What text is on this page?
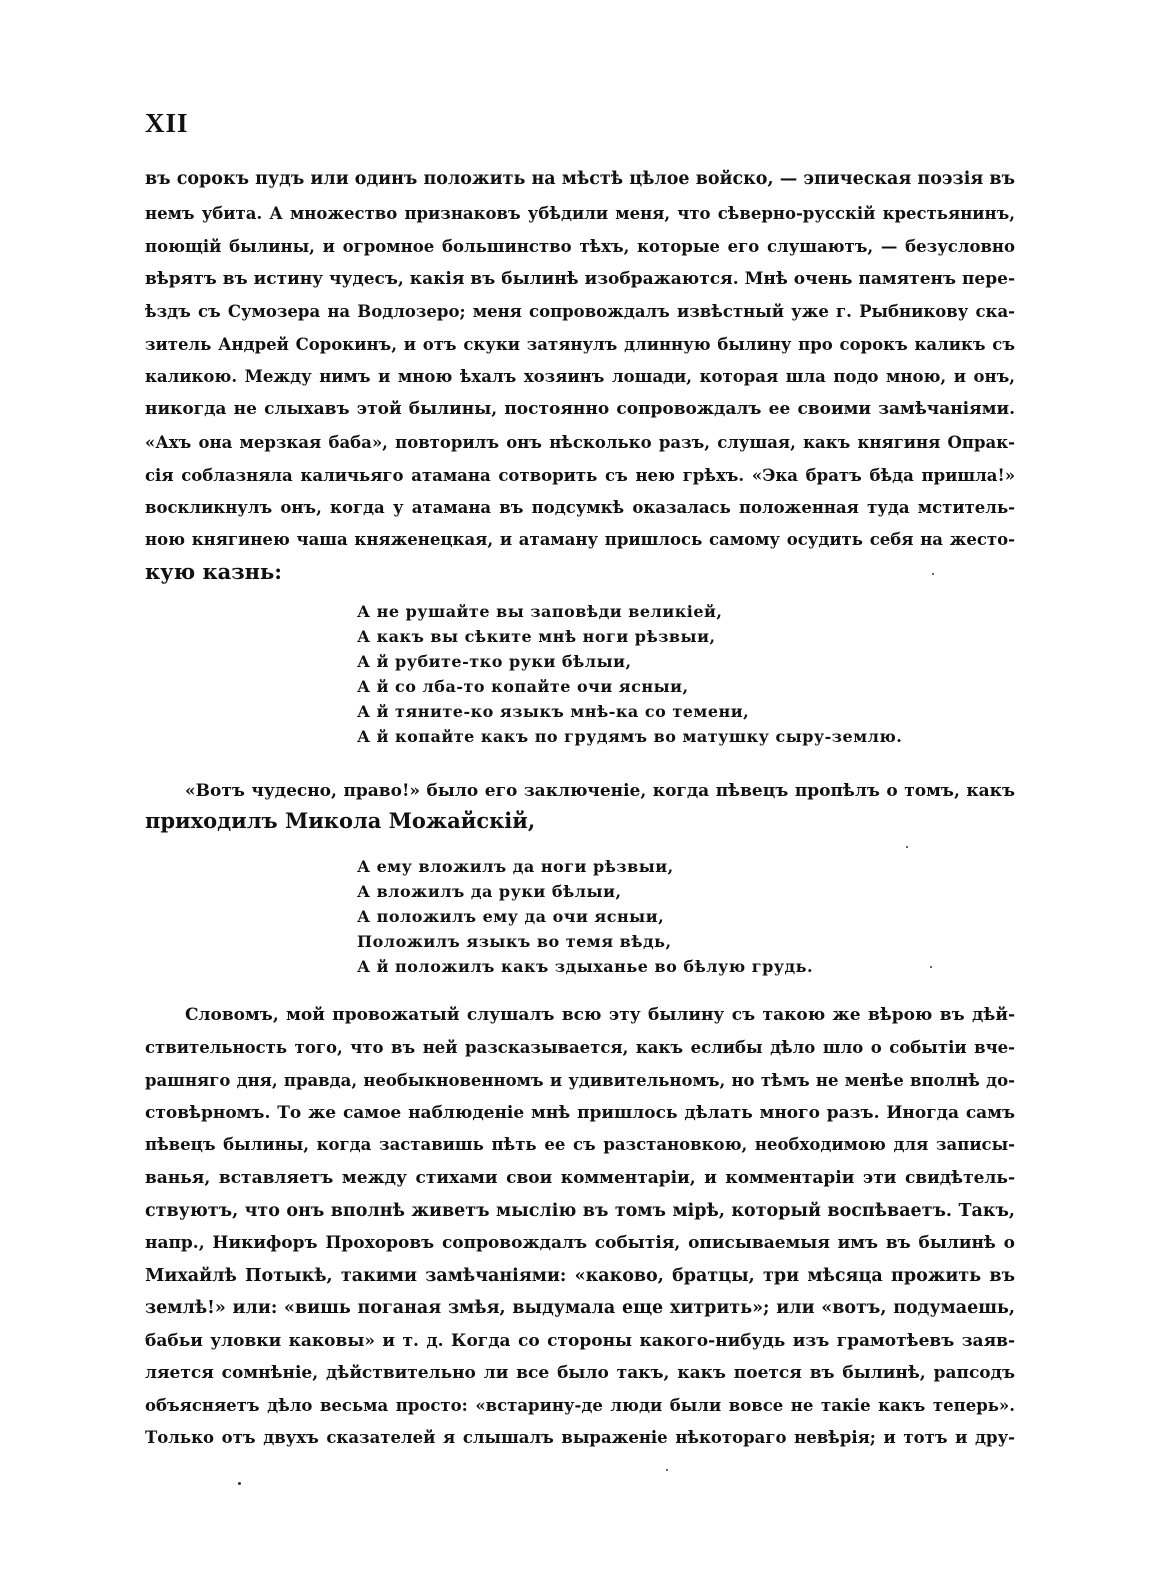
XII
въ сорокъ пудъ или одинъ положить на мѣстѣ цѣлое войско, — эпическая поэзія въ
немъ убита. А множество признаковъ убѣдили меня, что сѣверно-русскій крестьянинъ,
поющій былины, и огромное большинство тѣхъ, которые его слушаютъ, — безусловно
вѣрятъ въ истину чудесъ, какія въ былинѣ изображаются. Мнѣ очень памятенъ пере-
ѣздъ съ Сумозера на Водлозеро; меня сопровождалъ извѣстный уже г. Рыбникову ска-
зитель Андрей Сорокинъ, и отъ скуки затянулъ длинную былину про сорокъ каликъ съ
каликою. Между нимъ и мною ѣхалъ хозяинъ лошади, которая шла подо мною, и онъ,
никогда не слыхавъ этой былины, постоянно сопровождалъ ее своими замѣчаніями.
«Ахъ она мерзкая баба», повторилъ онъ нѣсколько разъ, слушая, какъ княгиня Опрак-
сія соблазняла каличьяго атамана сотворить съ нею грѣхъ. «Эка братъ бѣда пришла!»
воскликнулъ онъ, когда у атамана въ подсумкѣ оказалась положенная туда мститель-
ною княгинею чаша княженецкая, и атаману пришлось самому осудить себя на жесто-
кую казнь:
А не рушайте вы заповѣди великіей,
А какъ вы сѣките мнѣ ноги рѣзвыи,
А й рубите-тко руки бѣлыи,
А й со лба-то копайте очи ясныи,
А й тяните-ко языкъ мнѣ-ка со темени,
А й копайте какъ по грудямъ во матушку сыру-землю.
«Вотъ чудесно, право!» было его заключеніе, когда пѣвецъ пропѣлъ о томъ, какъ
приходилъ Микола Можайскій,
А ему вложилъ да ноги рѣзвыи,
А вложилъ да руки бѣлыи,
А положилъ ему да очи ясныи,
Положилъ языкъ во темя вѣдь,
А й положилъ какъ здыханье во бѣлую грудь.
Словомъ, мой провожатый слушалъ всю эту былину съ такою же вѣрою въ дѣй-
ствительность того, что въ ней разсказывается, какъ еслибы дѣло шло о событіи вче-
рашняго дня, правда, необыкновенномъ и удивительномъ, но тѣмъ не менѣе вполнѣ до-
стовѣрномъ. То же самое наблюденіе мнѣ пришлось дѣлать много разъ. Иногда самъ
пѣвецъ былины, когда заставишь пѣть ее съ разстановкою, необходимою для записы-
ванья, вставляетъ между стихами свои комментаріи, и комментаріи эти свидѣтель-
ствуютъ, что онъ вполнѣ живетъ мыслію въ томъ мірѣ, который воспѣваетъ. Такъ,
напр., Никифоръ Прохоровъ сопровождалъ событія, описываемыя имъ въ былинѣ о
Михайлѣ Потыкѣ, такими замѣчаніями: «каково, братцы, три мѣсяца прожить въ
землѣ!» или: «вишь поганая змѣя, выдумала еще хитрить»; или «вотъ, подумаешь,
бабьи уловки каковы» и т. д. Когда со стороны какого-нибудь изъ грамотѣевъ заяв-
ляется сомнѣніе, дѣйствительно ли все было такъ, какъ поется въ былинѣ, рапсодъ
объясняетъ дѣло весьма просто: «встарину-де люди были вовсе не такіе какъ теперь».
Только отъ двухъ сказателей я слышалъ выраженіе нѣкотораго невѣрія; и тотъ и дру-
